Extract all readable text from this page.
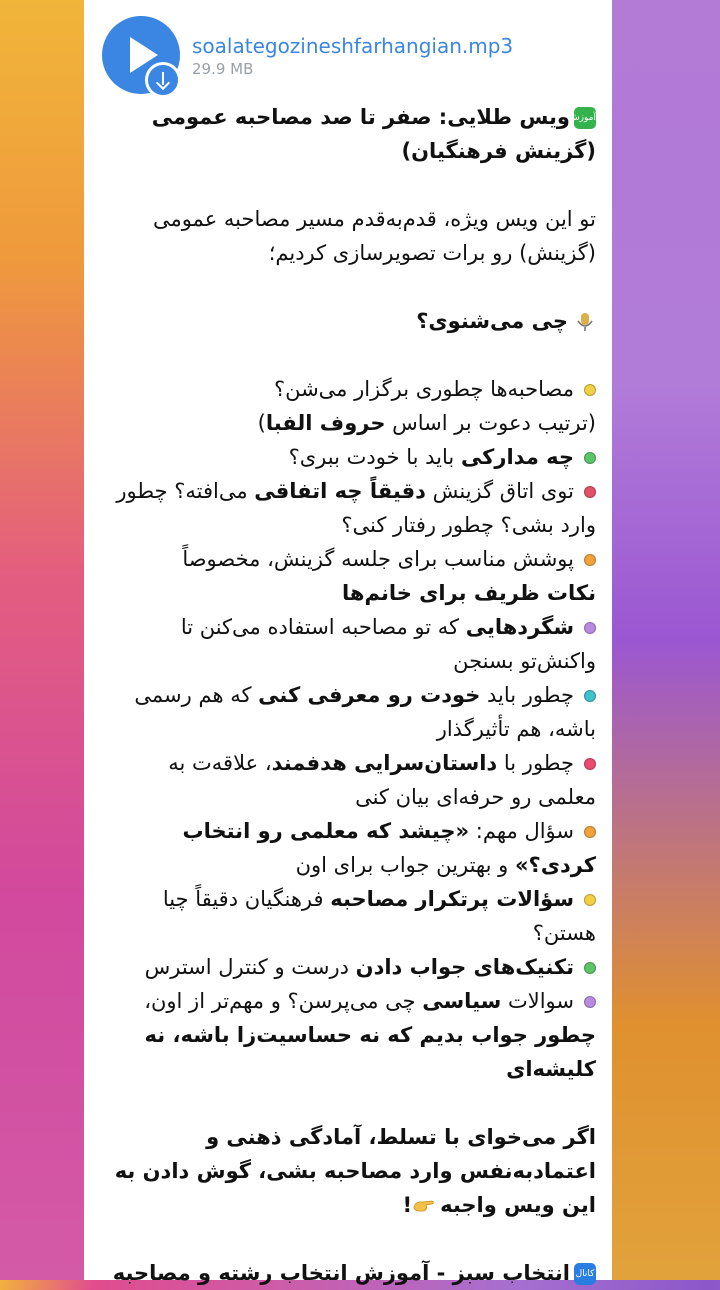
soalategozineshfarhangian.mp3
29.9 MB

آموزشویس طلایی: صفر تا صد مصاحبه عمومی

(گزینش فرهنگیان)

تو این ویس ویژه، قدم‌به‌قدم مسیر مصاحبه عمومی

(گزینش) رو برات تصویرسازی کردیم؛

چی می‌شنوی؟

مصاحبه‌ها چطوری برگزار می‌شن؟

(ترتیب دعوت بر اساس حروف الفبا)

چه مدارکی باید با خودت ببری؟

توی اتاق گزینش دقیقاً چه اتفاقی می‌افته؟ چطور

وارد بشی؟ چطور رفتار کنی؟

پوشش مناسب برای جلسه گزینش، مخصوصاً

نکات ظریف برای خانم‌ها

شگردهایی که تو مصاحبه استفاده می‌کنن تا

واکنش‌تو بسنجن

چطور باید خودت رو معرفی کنی که هم رسمی

باشه، هم تأثیرگذار

چطور با داستان‌سرایی هدفمند، علاقه‌ت به

معلمی رو حرفه‌ای بیان کنی

سؤال مهم: «چیشد که معلمی رو انتخاب

کردی؟» و بهترین جواب برای اون

سؤالات پرتکرار مصاحبه فرهنگیان دقیقاً چیا

هستن؟

تکنیک‌های جواب دادن درست و کنترل استرس

سوالات سیاسی چی می‌پرسن؟ و مهم‌تر از اون،

چطور جواب بدیم که نه حساسیت‌زا باشه، نه

کلیشه‌ای

اگر می‌خوای با تسلط، آمادگی ذهنی و

اعتمادبه‌نفس وارد مصاحبه بشی، گوش دادن به

این ویس واجبه!

کانالانتخاب سبز - آموزش انتخاب رشته و مصاحبه
